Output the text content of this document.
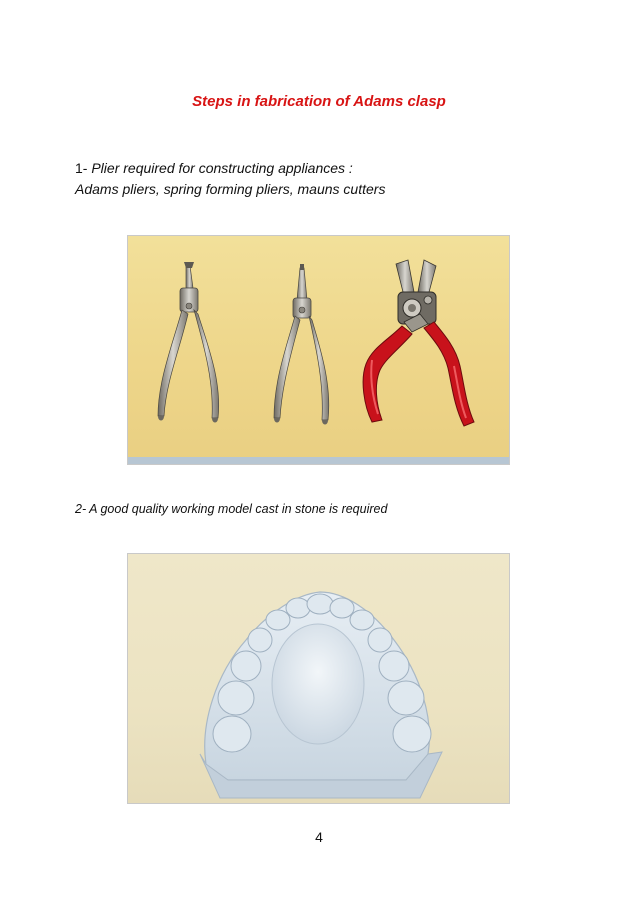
Steps in fabrication of Adams clasp
1- Plier required for constructing appliances :
Adams pliers, spring forming pliers, mauns cutters
2- A good quality working model cast in stone is required
4
